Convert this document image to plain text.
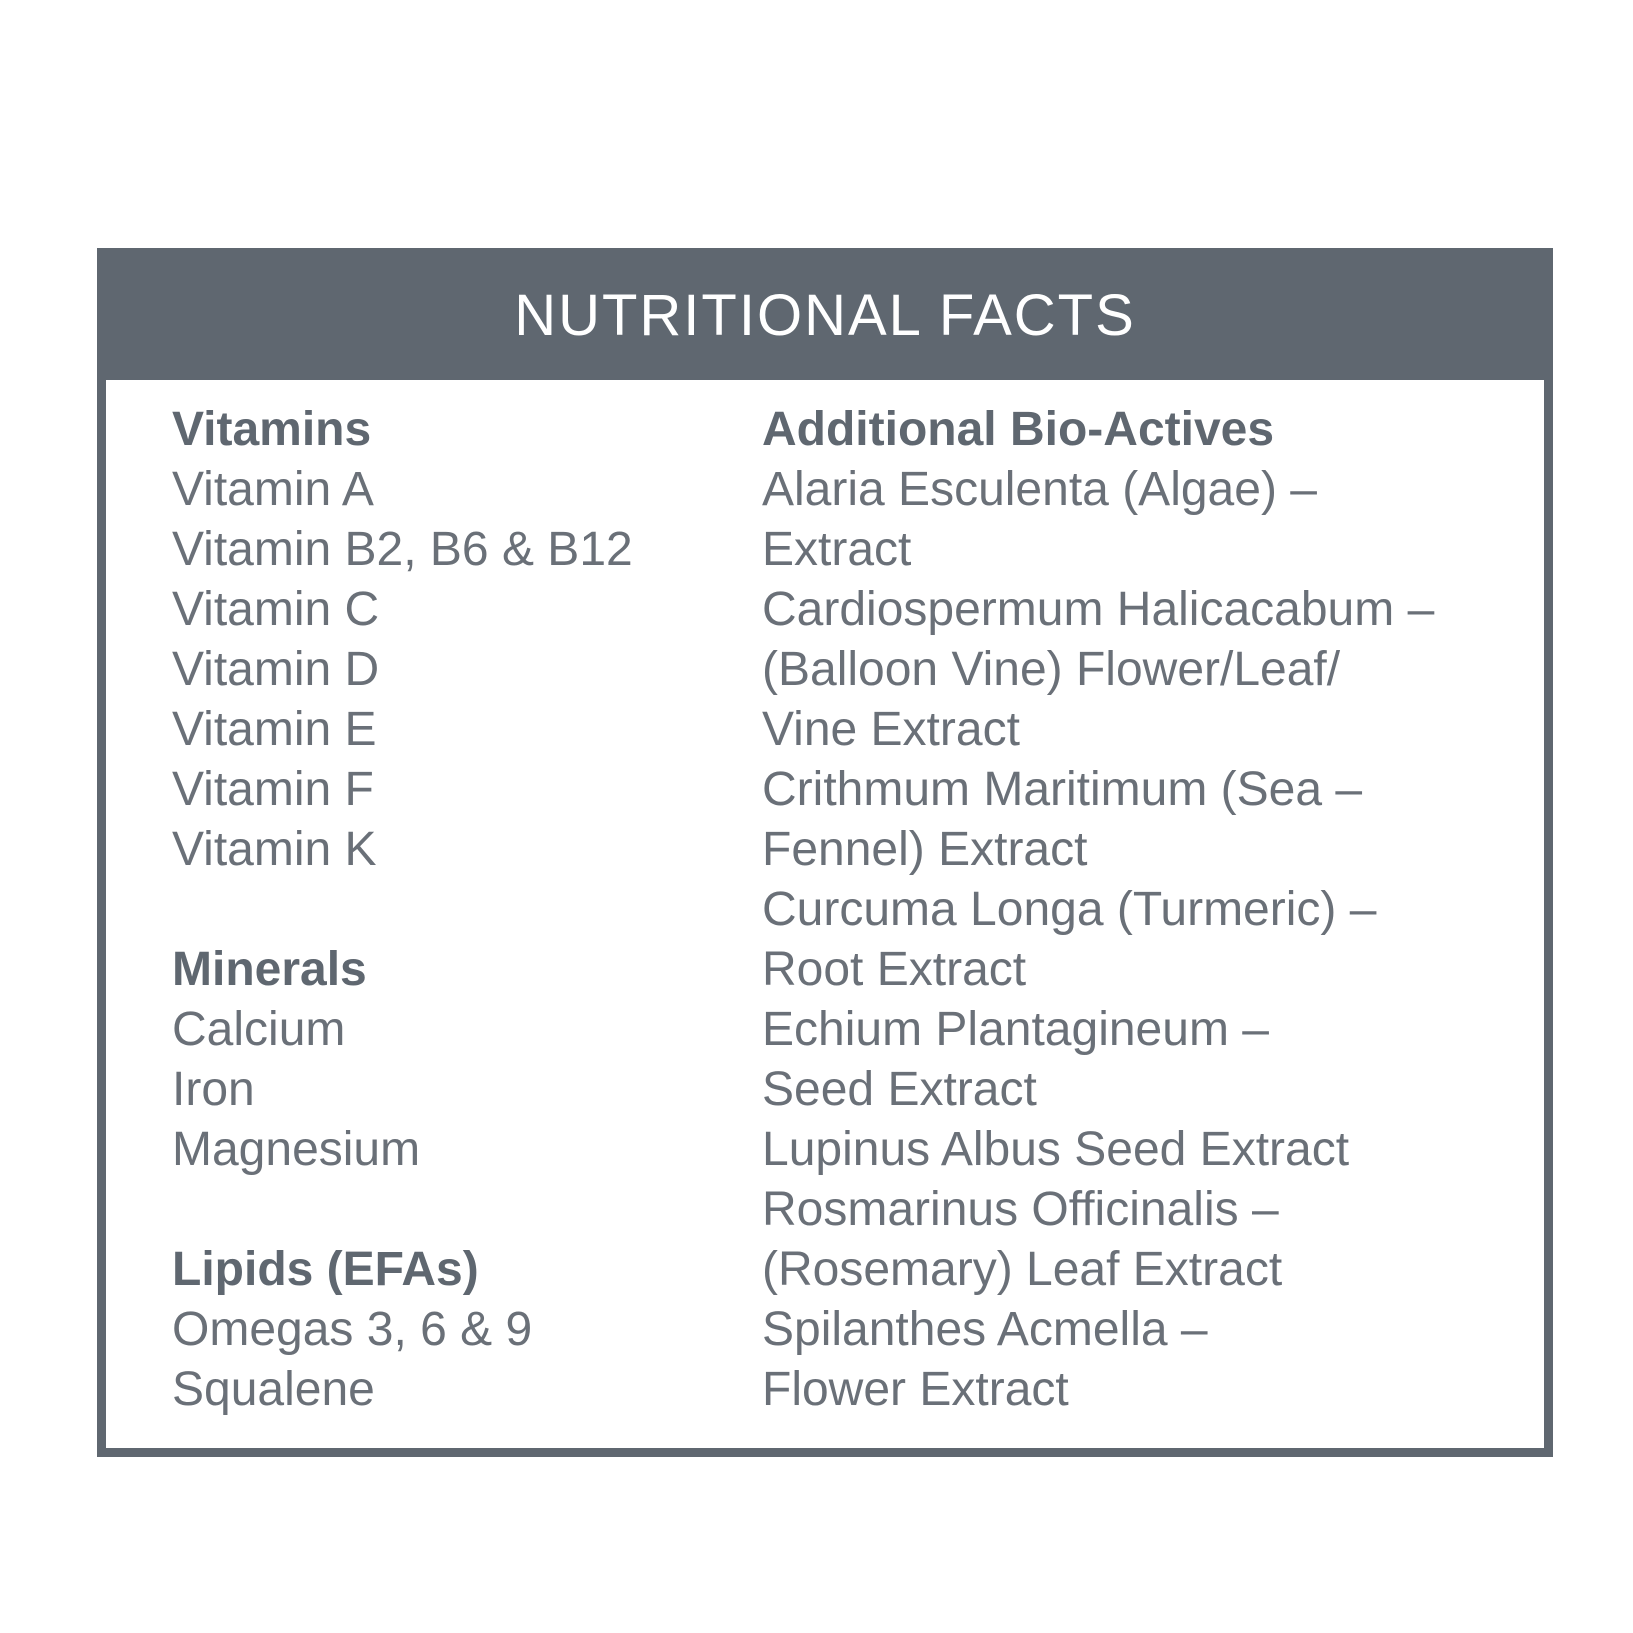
NUTRITIONAL FACTS
Vitamins
Vitamin A
Vitamin B2, B6 & B12
Vitamin C
Vitamin D
Vitamin E
Vitamin F
Vitamin K
Minerals
Calcium
Iron
Magnesium
Lipids (EFAs)
Omegas 3, 6 & 9
Squalene
Additional Bio-Actives
Alaria Esculenta (Algae) –
Extract
Cardiospermum Halicacabum –
(Balloon Vine) Flower/Leaf/
Vine Extract
Crithmum Maritimum (Sea –
Fennel) Extract
Curcuma Longa (Turmeric) –
Root Extract
Echium Plantagineum –
Seed Extract
Lupinus Albus Seed Extract
Rosmarinus Officinalis –
(Rosemary) Leaf Extract
Spilanthes Acmella –
Flower Extract
